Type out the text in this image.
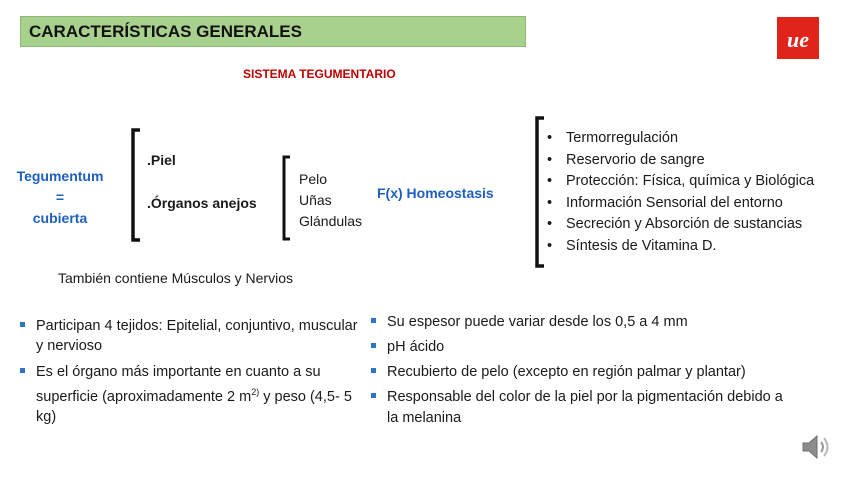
CARACTERÍSTICAS GENERALES	ue
SISTEMA TEGUMENTARIO
Tegumentum
=
cubierta
.Piel
.Órganos anejos
Pelo
Uñas
Glándulas
F(x) Homeostasis
• Termorregulación
• Reservorio de sangre
• Protección: Física, química y Biológica
• Información Sensorial del entorno
• Secreción y Absorción de sustancias
• Síntesis de Vitamina D.
También contiene Músculos y Nervios
Participan 4 tejidos: Epitelial, conjuntivo, muscular y nervioso
Es el órgano más importante en cuanto a su superficie (aproximadamente 2 $m^{2)}$ y peso (4,5- 5 kg)
Su espesor puede variar desde los 0,5 a 4 mm
pH ácido
Recubierto de pelo (excepto en región palmar y plantar)
Responsable del color de la piel por la pigmentación debido a la melanina
